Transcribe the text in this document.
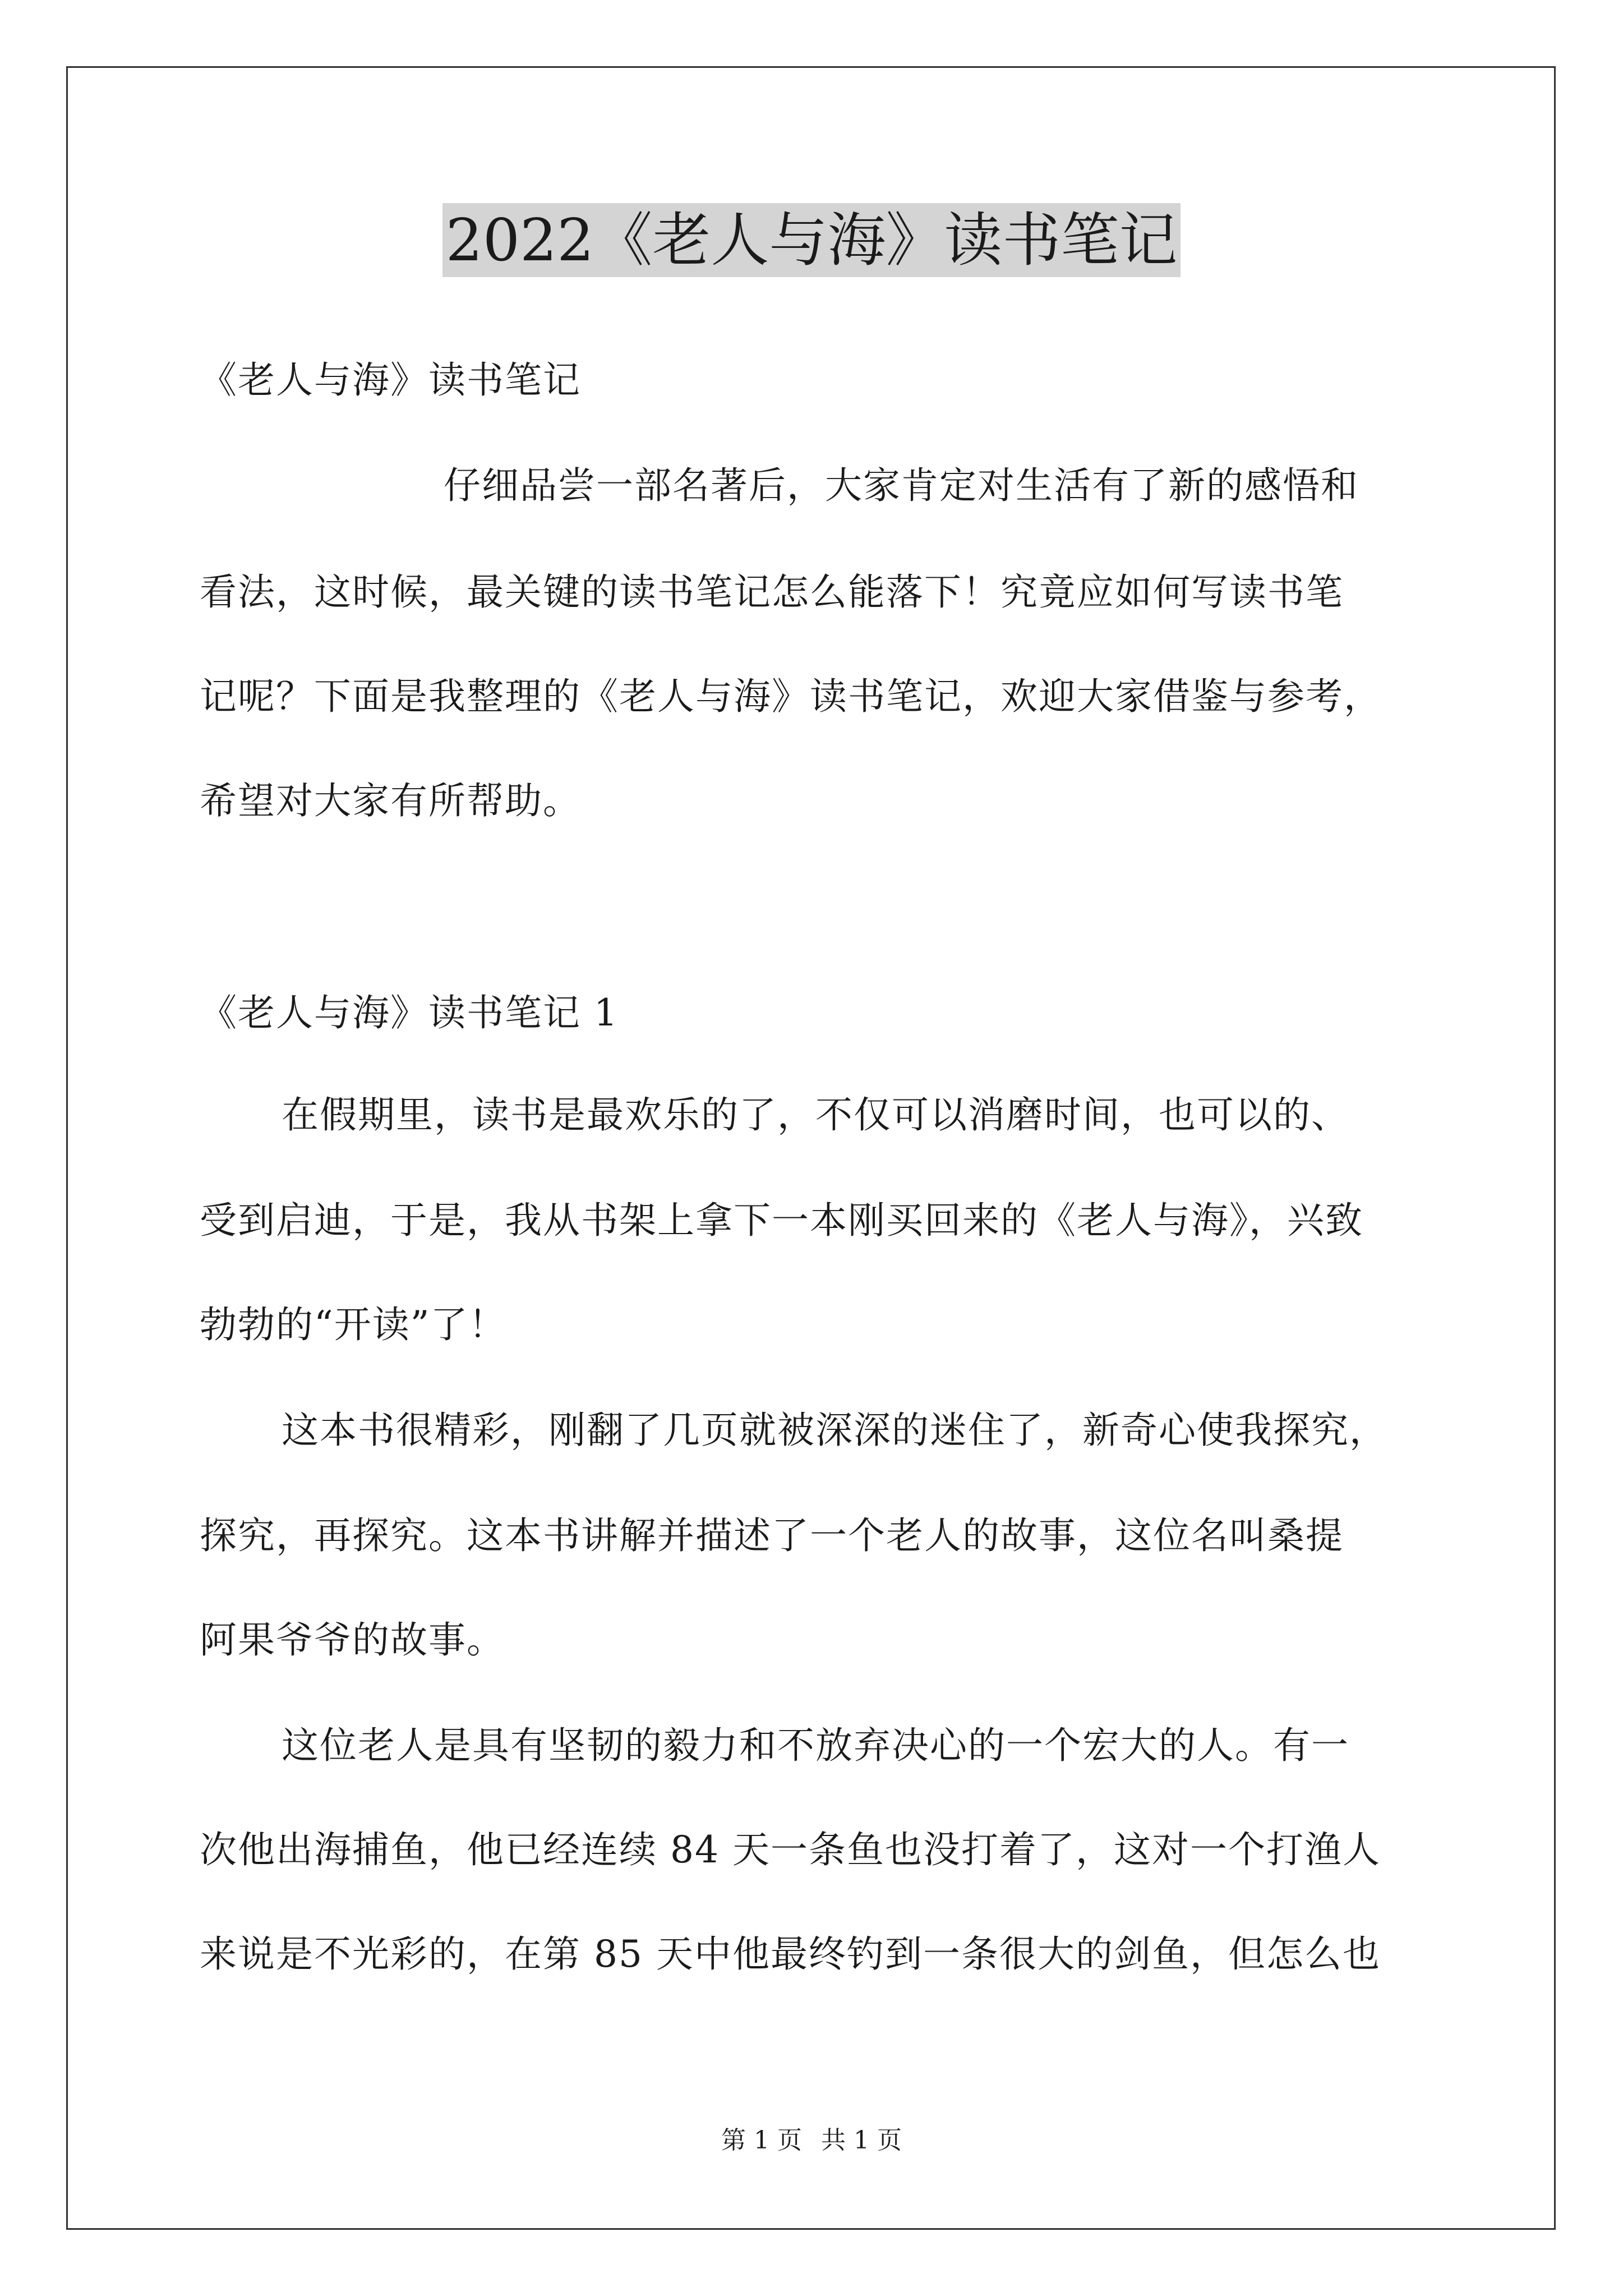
2022《老人与海》读书笔记
《老人与海》读书笔记
仔细品尝一部名著后，大家肯定对生活有了新的感悟和
看法，这时候，最关键的读书笔记怎么能落下！究竟应如何写读书笔
记呢？下面是我整理的《老人与海》读书笔记，欢迎大家借鉴与参考，
希望对大家有所帮助。
《老人与海》读书笔记 1
在假期里，读书是最欢乐的了，不仅可以消磨时间，也可以的、
受到启迪，于是，我从书架上拿下一本刚买回来的《老人与海》，兴致
勃勃的“开读”了！
这本书很精彩，刚翻了几页就被深深的迷住了，新奇心使我探究，
探究，再探究。这本书讲解并描述了一个老人的故事，这位名叫桑提
阿果爷爷的故事。
这位老人是具有坚韧的毅力和不放弃决心的一个宏大的人。有一
次他出海捕鱼，他已经连续 84 天一条鱼也没打着了，这对一个打渔人
来说是不光彩的，在第 85 天中他最终钓到一条很大的剑鱼，但怎么也
第 1 页 共 1 页
